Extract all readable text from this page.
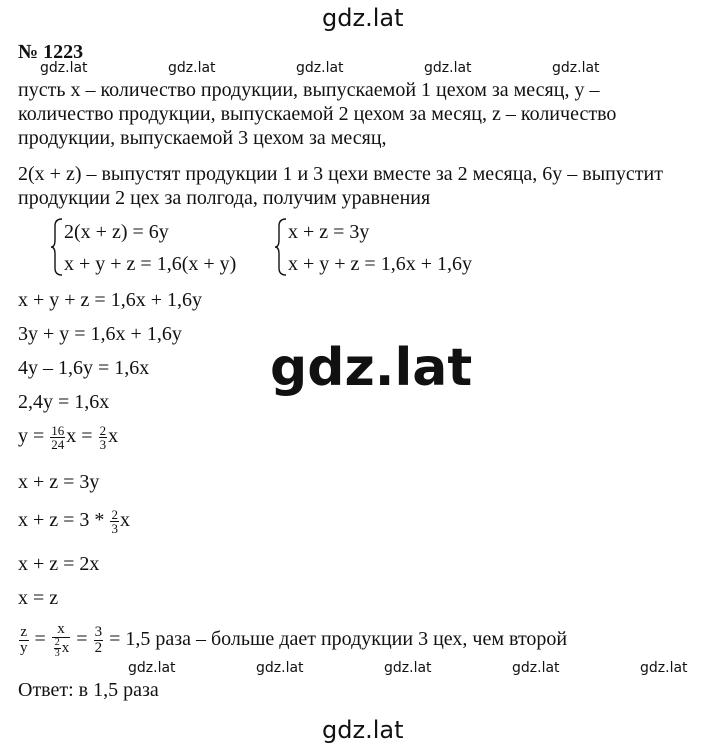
gdz.lat
gdz.lat	gdz.lat	gdz.lat	gdz.lat	gdz.lat
gdz.lat
gdz.lat	gdz.lat	gdz.lat	gdz.lat	gdz.lat
gdz.lat
№ 1223
пусть x – количество продукции, выпускаемой 1 цехом за месяц, y –
количество продукции, выпускаемой 2 цехом за месяц, z – количество
продукции, выпускаемой 3 цехом за месяц,
2(x + z) – выпустят продукции 1 и 3 цехи вместе за 2 месяца, 6y – выпустит
продукции 2 цех за полгода, получим уравнения
2(x + z) = 6y
x + y + z = 1,6(x + y)
x + z = 3y
x + y + z = 1,6x + 1,6y
x + y + z = 1,6x + 1,6y
3y + y = 1,6x + 1,6y
4y – 1,6y = 1,6x
2,4y = 1,6x
$y = \frac{16}{24}$ $x = \frac{2}{3}$ x
x + z = 3y
$x + z = 3 * \frac{2}{3}$ x
x + z = 2x
x = z
$\frac{z}{y} = \frac{x}{\frac{2}{3} x} = \frac{3}{2} = 1,5$ раза – больше дает продукции 3 цех, чем второй
Ответ: в 1,5 раза
